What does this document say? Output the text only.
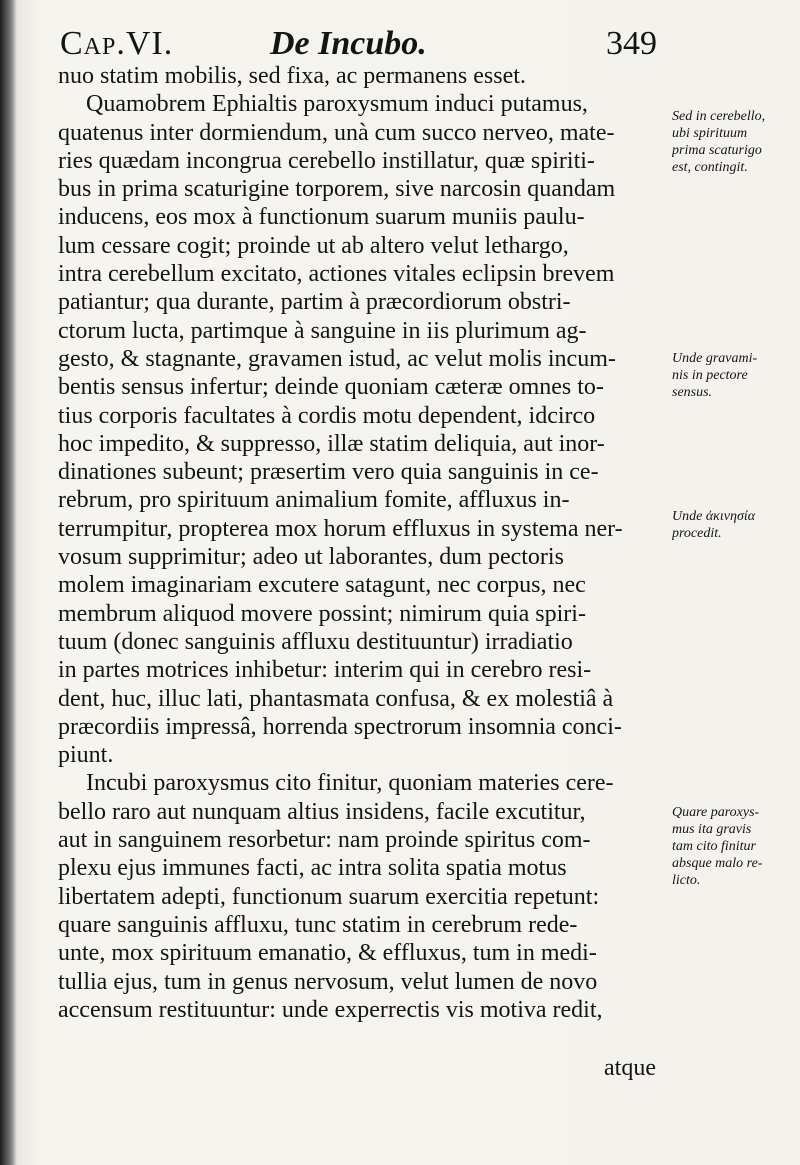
Cap.VI.	De Incubo.	349
nuo statim mobilis, sed fixa, ac permanens esset.
Quamobrem Ephialtis paroxysmum induci putamus,
quatenus inter dormiendum, unà cum succo nerveo, mate-
ries quædam incongrua cerebello instillatur, quæ spiriti-
bus in prima scaturigine torporem, sive narcosin quandam
inducens, eos mox à functionum suarum muniis paulu-
lum cessare cogit; proinde ut ab altero velut lethargo,
intra cerebellum excitato, actiones vitales eclipsin brevem
patiantur; qua durante, partim à præcordiorum obstri-
ctorum lucta, partimque à sanguine in iis plurimum ag-
gesto, & stagnante, gravamen istud, ac velut molis incum-
bentis sensus infertur; deinde quoniam cæteræ omnes to-
tius corporis facultates à cordis motu dependent, idcirco
hoc impedito, & suppresso, illæ statim deliquia, aut inor-
dinationes subeunt; præsertim vero quia sanguinis in ce-
rebrum, pro spirituum animalium fomite, affluxus in-
terrumpitur, propterea mox horum effluxus in systema ner-
vosum supprimitur; adeo ut laborantes, dum pectoris
molem imaginariam excutere satagunt, nec corpus, nec
membrum aliquod movere possint; nimirum quia spiri-
tuum (donec sanguinis affluxu destituuntur) irradiatio
in partes motrices inhibetur: interim qui in cerebro resi-
dent, huc, illuc lati, phantasmata confusa, & ex molestiâ à
præcordiis impressâ, horrenda spectrorum insomnia conci-
piunt.
Incubi paroxysmus cito finitur, quoniam materies cere-
bello raro aut nunquam altius insidens, facile excutitur,
aut in sanguinem resorbetur: nam proinde spiritus com-
plexu ejus immunes facti, ac intra solita spatia motus
libertatem adepti, functionum suarum exercitia repetunt:
quare sanguinis affluxu, tunc statim in cerebrum rede-
unte, mox spirituum emanatio, & effluxus, tum in medi-
tullia ejus, tum in genus nervosum, velut lumen de novo
accensum restituuntur: unde experrectis vis motiva redit,
atque
Sed in cerebello,
ubi spirituum
prima scaturigo
est, contingit.
Unde gravami-
nis in pectore
sensus.
Unde ἀκινησία
procedit.
Quare paroxys-
mus ita gravis
tam cito finitur
absque malo re-
licto.
